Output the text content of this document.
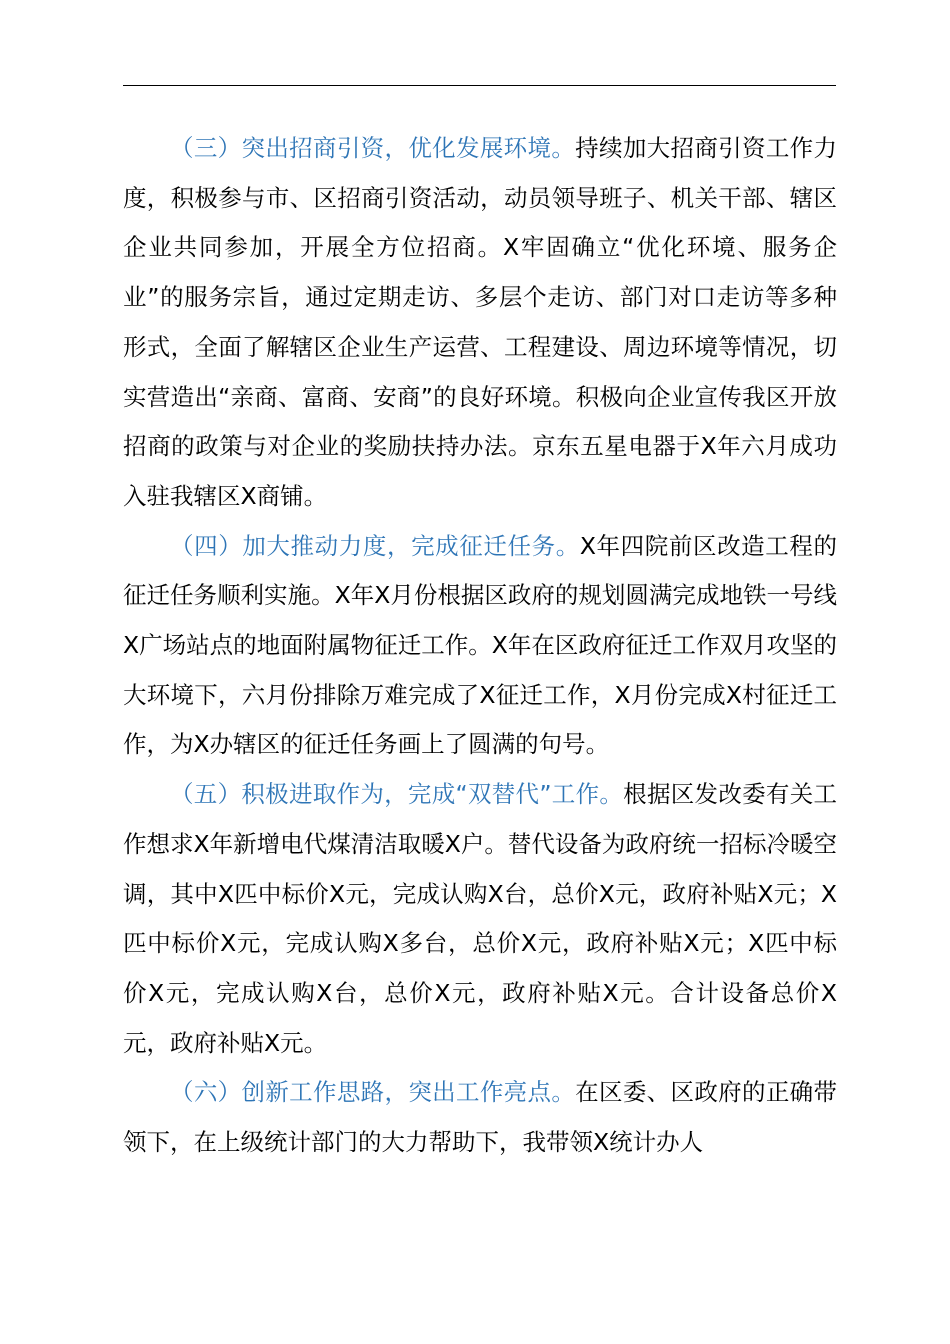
（三）突出招商引资，优化发展环境。持续加大招商引资工作力度，积极参与市、区招商引资活动，动员领导班子、机关干部、辖区企业共同参加，开展全方位招商。X牢固确立“优化环境、服务企业”的服务宗旨，通过定期走访、多层个走访、部门对口走访等多种形式，全面了解辖区企业生产运营、工程建设、周边环境等情况，切实营造出“亲商、富商、安商”的良好环境。积极向企业宣传我区开放招商的政策与对企业的奖励扶持办法。京东五星电器于X年六月成功入驻我辖区X商铺。

（四）加大推动力度，完成征迁任务。X年四院前区改造工程的征迁任务顺利实施。X年X月份根据区政府的规划圆满完成地铁一号线X广场站点的地面附属物征迁工作。X年在区政府征迁工作双月攻坚的大环境下，六月份排除万难完成了X征迁工作，X月份完成X村征迁工作，为X办辖区的征迁任务画上了圆满的句号。

（五）积极进取作为，完成“双替代”工作。根据区发改委有关工作想求X年新增电代煤清洁取暖X户。替代设备为政府统一招标冷暖空调，其中X匹中标价X元，完成认购X台，总价X元，政府补贴X元；X匹中标价X元，完成认购X多台，总价X元，政府补贴X元；X匹中标价X元，完成认购X台，总价X元，政府补贴X元。合计设备总价X元，政府补贴X元。

（六）创新工作思路，突出工作亮点。在区委、区政府的正确带领下，在上级统计部门的大力帮助下，我带领X统计办人
